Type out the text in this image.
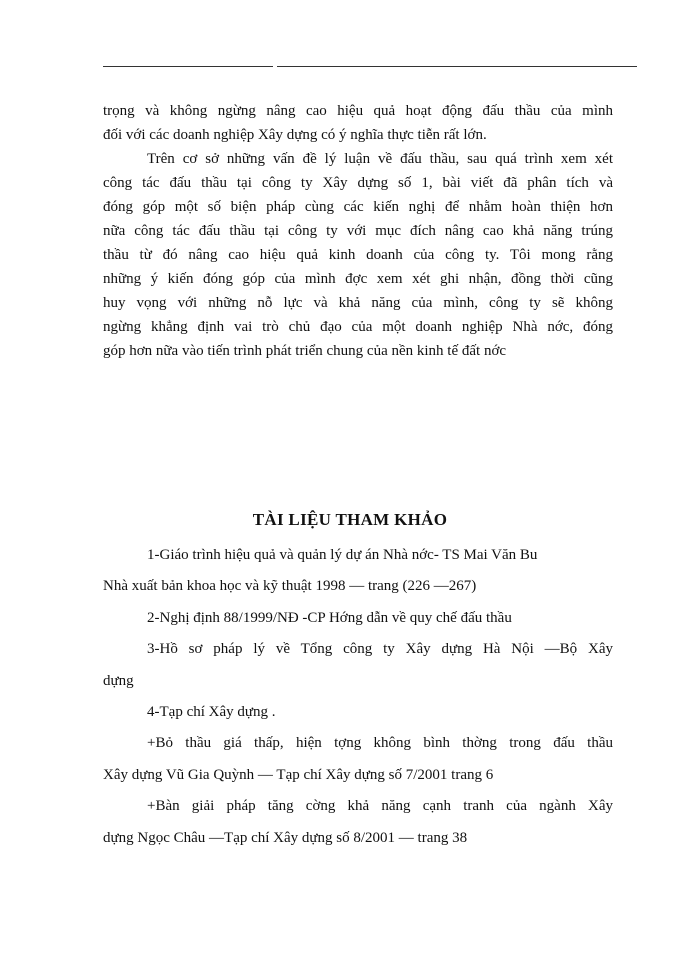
trọng và không ngừng nâng cao hiệu quả hoạt động đấu thầu của mình
đối với các doanh nghiệp Xây dựng có ý nghĩa thực tiễn rất lớn.
Trên cơ sở những vấn đề lý luận về đấu thầu, sau quá trình xem xét
công tác đấu thầu tại công ty Xây dựng số 1, bài viết đã phân tích và
đóng góp một số biện pháp cùng các kiến nghị để nhằm hoàn thiện hơn
nữa công tác đấu thầu tại công ty với mục đích nâng cao khả năng trúng
thầu từ đó nâng cao hiệu quả kinh doanh của công ty. Tôi mong rằng
những ý kiến đóng góp của mình đợc xem xét ghi nhận, đồng thời cũng
huy vọng với những nỗ lực và khả năng của mình, công ty sẽ không
ngừng khẳng định vai trò chủ đạo của một doanh nghiệp Nhà nớc, đóng
góp hơn nữa vào tiến trình phát triển chung của nền kinh tế đất nớc
TÀI LIỆU THAM KHẢO
1-Giáo trình hiệu quả và quản lý dự án Nhà nớc- TS Mai Văn Bu
Nhà xuất bản khoa học và kỹ thuật 1998 — trang (226 —267)
2-Nghị định 88/1999/NĐ -CP Hớng dẫn về quy chế đấu thầu
3-Hồ sơ pháp lý về Tổng công ty Xây dựng Hà Nội —Bộ Xây
dựng
4-Tạp chí Xây dựng .
+Bỏ thầu giá thấp, hiện tợng không bình thờng trong đấu thầu
Xây dựng Vũ Gia Quỳnh — Tạp chí Xây dựng số 7/2001 trang 6
+Bàn giải pháp tăng cờng khả năng cạnh tranh của ngành Xây
dựng Ngọc Châu —Tạp chí Xây dựng số 8/2001 — trang 38
